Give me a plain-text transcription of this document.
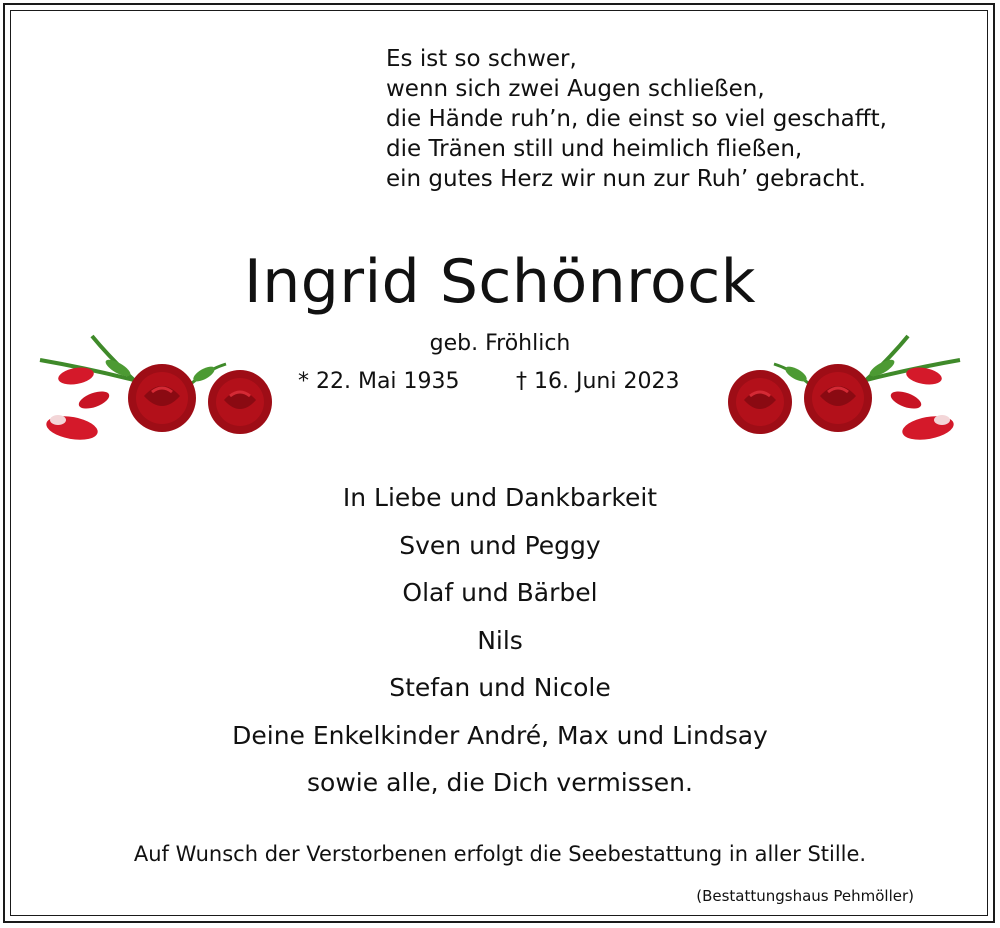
Es ist so schwer,
wenn sich zwei Augen schließen,
die Hände ruh’n, die einst so viel geschafft,
die Tränen still und heimlich fließen,
ein gutes Herz wir nun zur Ruh’ gebracht.
Ingrid Schönrock
geb. Fröhlich
* 22. Mai 1935	† 16. Juni 2023
In Liebe und Dankbarkeit
Sven und Peggy
Olaf und Bärbel
Nils
Stefan und Nicole
Deine Enkelkinder André, Max und Lindsay
sowie alle, die Dich vermissen.
Auf Wunsch der Verstorbenen erfolgt die Seebestattung in aller Stille.
(Bestattungshaus Pehmöller)
